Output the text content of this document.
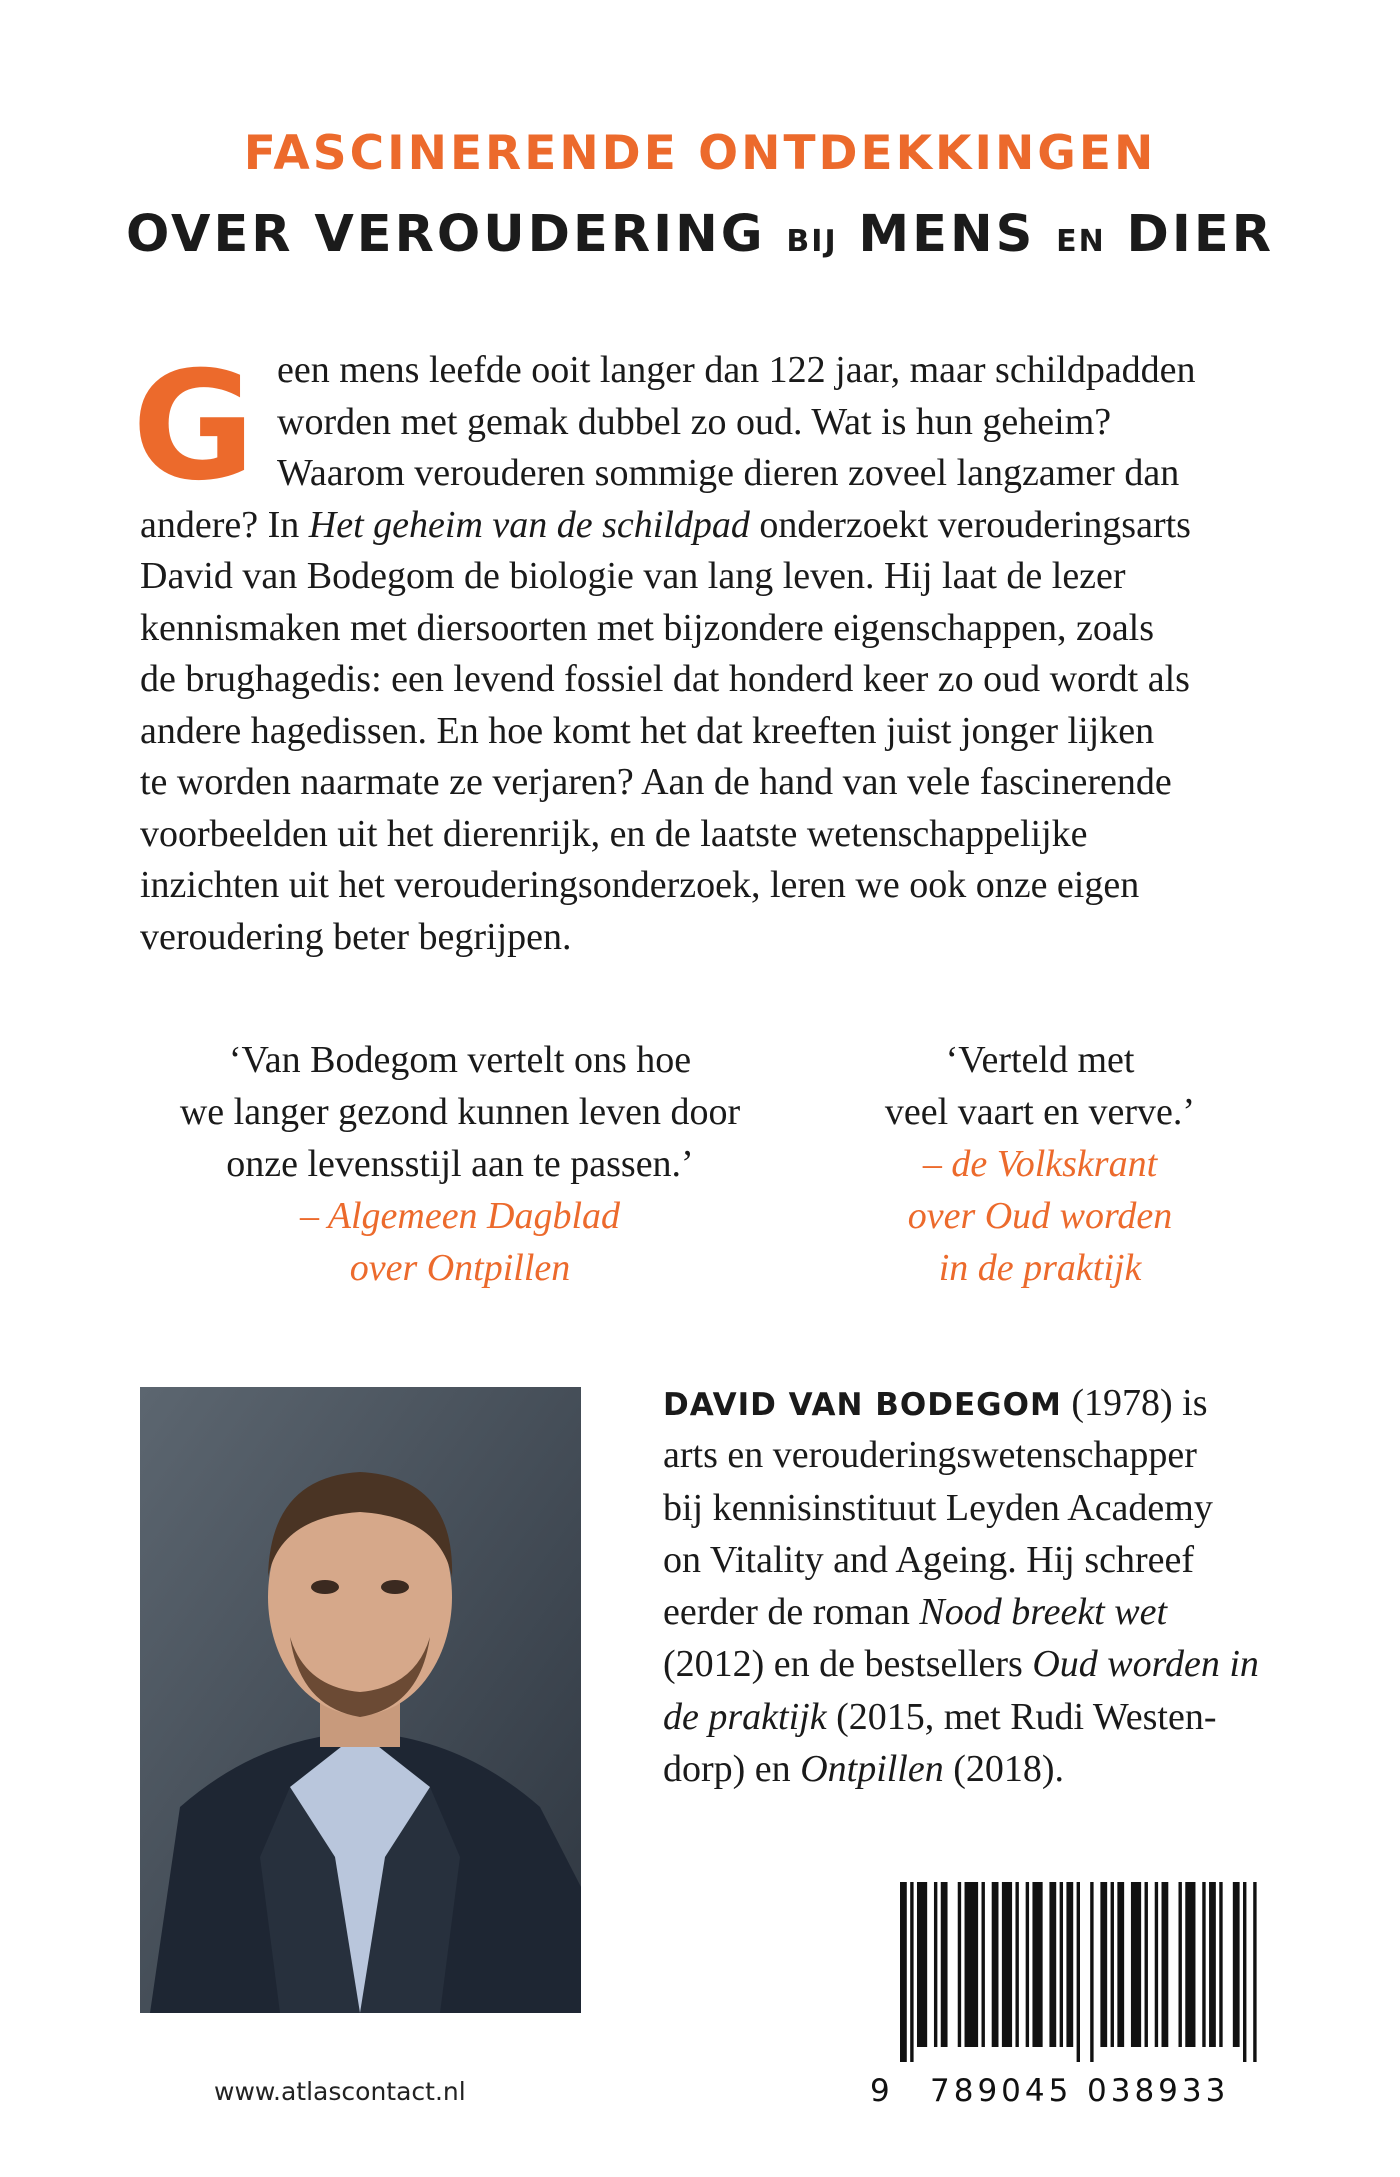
FASCINERENDE ONTDEKKINGEN
OVER VEROUDERING BIJ MENS EN DIER
G een mens leefde ooit langer dan 122 jaar, maar schildpadden
worden met gemak dubbel zo oud. Wat is hun geheim?
Waarom verouderen sommige dieren zoveel langzamer dan
andere? In Het geheim van de schildpad onderzoekt verouderingsarts
David van Bodegom de biologie van lang leven. Hij laat de lezer
kennismaken met diersoorten met bijzondere eigenschappen, zoals
de brughagedis: een levend fossiel dat honderd keer zo oud wordt als
andere hagedissen. En hoe komt het dat kreeften juist jonger lijken
te worden naarmate ze verjaren? Aan de hand van vele fascinerende
voorbeelden uit het dierenrijk, en de laatste wetenschappelijke
inzichten uit het verouderingsonderzoek, leren we ook onze eigen
veroudering beter begrijpen.
‘Van Bodegom vertelt ons hoe
we langer gezond kunnen leven door
onze levensstijl aan te passen.’
– Algemeen Dagblad
over Ontpillen
‘Verteld met
veel vaart en verve.’
– de Volkskrant
over Oud worden
in de praktijk
DAVID VAN BODEGOM (1978) is
arts en verouderingswetenschapper
bij kennisinstituut Leyden Academy
on Vitality and Ageing. Hij schreef
eerder de roman Nood breekt wet
(2012) en de bestsellers Oud worden in
de praktijk (2015, met Rudi Westen-
dorp) en Ontpillen (2018).
www.atlascontact.nl	9 789045 038933
